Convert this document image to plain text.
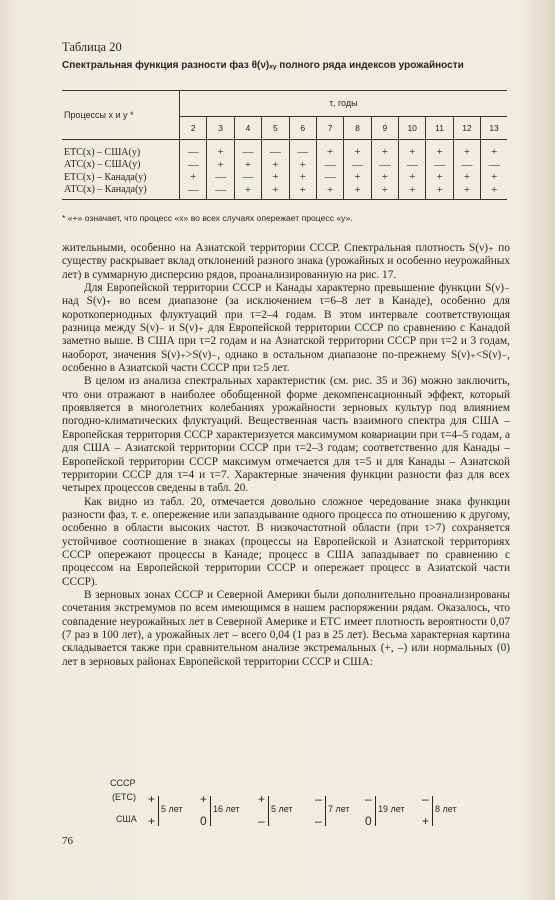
Таблица 20
Спектральная функция разности фаз θ(ν)ₓᵧ полного ряда индексов урожайности
Процессы x и y *	τ, годы											
	2	3	4	5	6	7	8	9	10	11	12	13
ЕТС(x) – США(y)	—	+	—	—	—	+	+	+	+	+	+	+
АТС(x) – США(y)	—	+	+	+	+	—	—	—	—	—	—	—
ЕТС(x) – Канада(y)	+	—	—	+	+	—	+	+	+	+	+	+
АТС(x) – Канада(y)	—	—	+	+	+	+	+	+	+	+	+	+
* «+» означает, что процесс «x» во всех случаях опережает процесс «y».

жительными, особенно на Азиатской территории СССР. Спектральная плотность S(ν)₊ по существу раскрывает вклад отклонений разного знака (урожайных и особенно неурожайных лет) в суммарную дисперсию рядов, проанализированную на рис. 17.

Для Европейской территории СССР и Канады характерно превышение функции S(ν)₋ над S(ν)₊ во всем диапазоне (за исключением τ=6–8 лет в Канаде), особенно для короткопериодных флуктуаций при τ=2–4 годам. В этом интервале соответствующая разница между S(ν)₋ и S(ν)₊ для Европейской территории СССР по сравнению с Канадой заметно выше. В США при τ=2 годам и на Азиатской территории СССР при τ=2 и 3 годам, наоборот, значения S(ν)₊>S(ν)₋, однако в остальном диапазоне по-прежнему S(ν)₊<S(ν)₋, особенно в Азиатской части СССР при τ≥5 лет.

В целом из анализа спектральных характеристик (см. рис. 35 и 36) можно заключить, что они отражают в наиболее обобщенной форме декомпенсационный эффект, который проявляется в многолетних колебаниях урожайности зерновых культур под влиянием погодно-климатических флуктуаций. Вещественная часть взаимного спектра для США – Европейская территория СССР характеризуется максимумом ковариации при τ=4–5 годам, а для США – Азиатской территории СССР при τ=2–3 годам; соответственно для Канады – Европейской территории СССР максимум отмечается для τ=5 и для Канады – Азиатской территории СССР для τ=4 и τ=7. Характерные значения функции разности фаз для всех четырех процессов сведены в табл. 20.

Как видно из табл. 20, отмечается довольно сложное чередование знака функции разности фаз, т. е. опережение или запаздывание одного процесса по отношению к другому, особенно в области высоких частот. В низкочастотной области (при τ>7) сохраняется устойчивое соотношение в знаках (процессы на Европейской и Азиатской территориях СССР опережают процессы в Канаде; процесс в США запаздывает по сравнению с процессом на Европейской территории СССР и опережает процесс в Азиатской части СССР).

В зерновых зонах СССР и Северной Америки были дополнительно проанализированы сочетания экстремумов по всем имеющимся в нашем распоряжении рядам. Оказалось, что совпадение неурожайных лет в Северной Америке и ЕТС имеет плотность вероятности 0,07 (7 раз в 100 лет), а урожайных лет – всего 0,04 (1 раз в 25 лет). Весьма характерная картина складывается также при сравнительном анализе экстремальных (+, –) или нормальных (0) лет в зерновых районах Европейской территории СССР и США:

СССР
(ЕТС)
США
+
+
5 лет
+
0
16 лет
+
–
5 лет
–
–
7 лет
–
0
19 лет
–
+
8 лет
76
